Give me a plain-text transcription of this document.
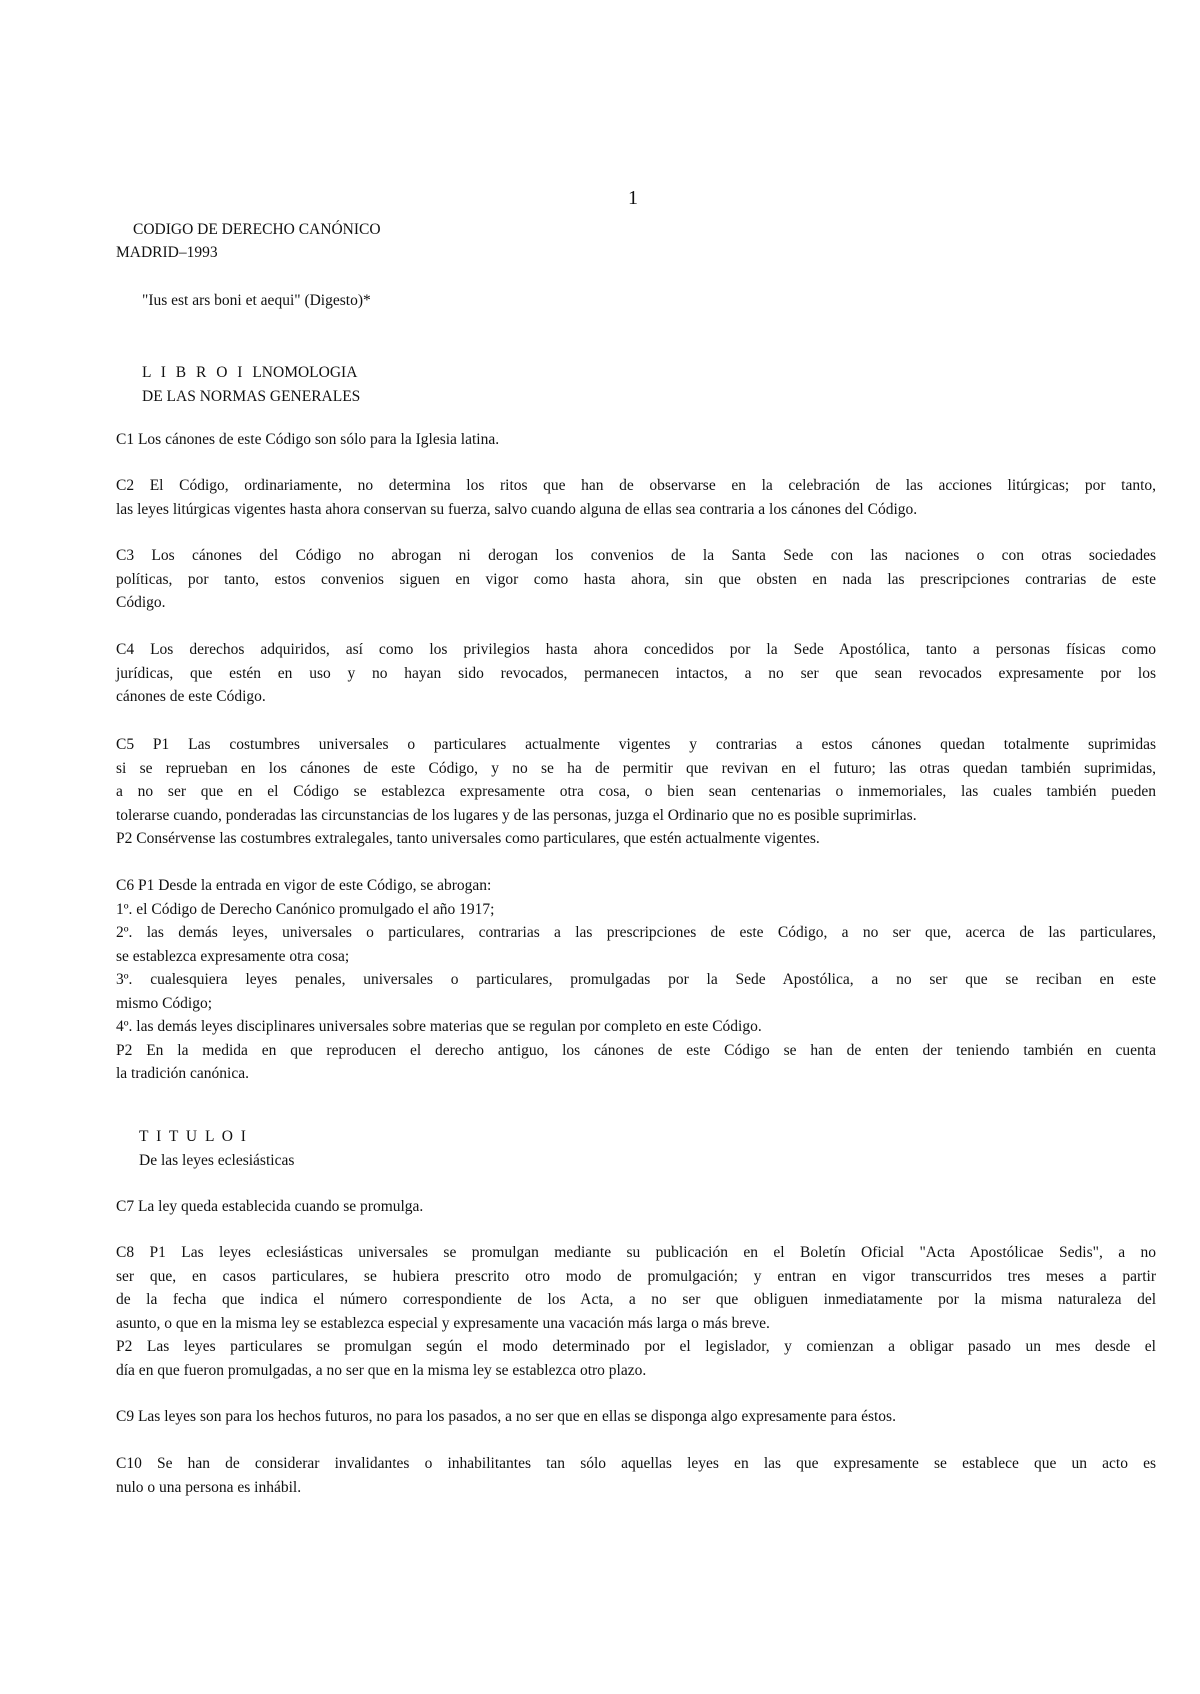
1
CODIGO DE DERECHO CANÓNICO
MADRID–1993
"Ius est ars boni et aequi" (Digesto)*
L I B R O I LNOMOLOGIA
DE LAS NORMAS GENERALES
C1 Los cánones de este Código son sólo para la Iglesia latina.
C2 El Código, ordinariamente, no determina los ritos que han de observarse en la celebración de las acciones litúrgicas; por tanto,
las leyes litúrgicas vigentes hasta ahora conservan su fuerza, salvo cuando alguna de ellas sea contraria a los cánones del Código.
C3 Los cánones del Código no abrogan ni derogan los convenios de la Santa Sede con las naciones o con otras sociedades
políticas, por tanto, estos convenios siguen en vigor como hasta ahora, sin que obsten en nada las prescripciones contrarias de este
Código.
C4 Los derechos adquiridos, así como los privilegios hasta ahora concedidos por la Sede Apostólica, tanto a personas físicas como
jurídicas, que estén en uso y no hayan sido revocados, permanecen intactos, a no ser que sean revocados expresamente por los
cánones de este Código.
C5 P1 Las costumbres universales o particulares actualmente vigentes y contrarias a estos cánones quedan totalmente suprimidas
si se reprueban en los cánones de este Código, y no se ha de permitir que revivan en el futuro; las otras quedan también suprimidas,
a no ser que en el Código se establezca expresamente otra cosa, o bien sean centenarias o inmemoriales, las cuales también pueden
tolerarse cuando, ponderadas las circunstancias de los lugares y de las personas, juzga el Ordinario que no es posible suprimirlas.
P2 Consérvense las costumbres extralegales, tanto universales como particulares, que estén actualmente vigentes.
C6 P1 Desde la entrada en vigor de este Código, se abrogan:
1º. el Código de Derecho Canónico promulgado el año 1917;
2º. las demás leyes, universales o particulares, contrarias a las prescripciones de este Código, a no ser que, acerca de las particulares,
se establezca expresamente otra cosa;
3º. cualesquiera leyes penales, universales o particulares, promulgadas por la Sede Apostólica, a no ser que se reciban en este
mismo Código;
4º. las demás leyes disciplinares universales sobre materias que se regulan por completo en este Código.
P2 En la medida en que reproducen el derecho antiguo, los cánones de este Código se han de enten der teniendo también en cuenta
la tradición canónica.
T I T U L O I
De las leyes eclesiásticas
C7 La ley queda establecida cuando se promulga.
C8 P1 Las leyes eclesiásticas universales se promulgan mediante su publicación en el Boletín Oficial "Acta Apostólicae Sedis", a no
ser que, en casos particulares, se hubiera prescrito otro modo de promulgación; y entran en vigor transcurridos tres meses a partir
de la fecha que indica el número correspondiente de los Acta, a no ser que obliguen inmediatamente por la misma naturaleza del
asunto, o que en la misma ley se establezca especial y expresamente una vacación más larga o más breve.
P2 Las leyes particulares se promulgan según el modo determinado por el legislador, y comienzan a obligar pasado un mes desde el
día en que fueron promulgadas, a no ser que en la misma ley se establezca otro plazo.
C9 Las leyes son para los hechos futuros, no para los pasados, a no ser que en ellas se disponga algo expresamente para éstos.
C10 Se han de considerar invalidantes o inhabilitantes tan sólo aquellas leyes en las que expresamente se establece que un acto es
nulo o una persona es inhábil.
